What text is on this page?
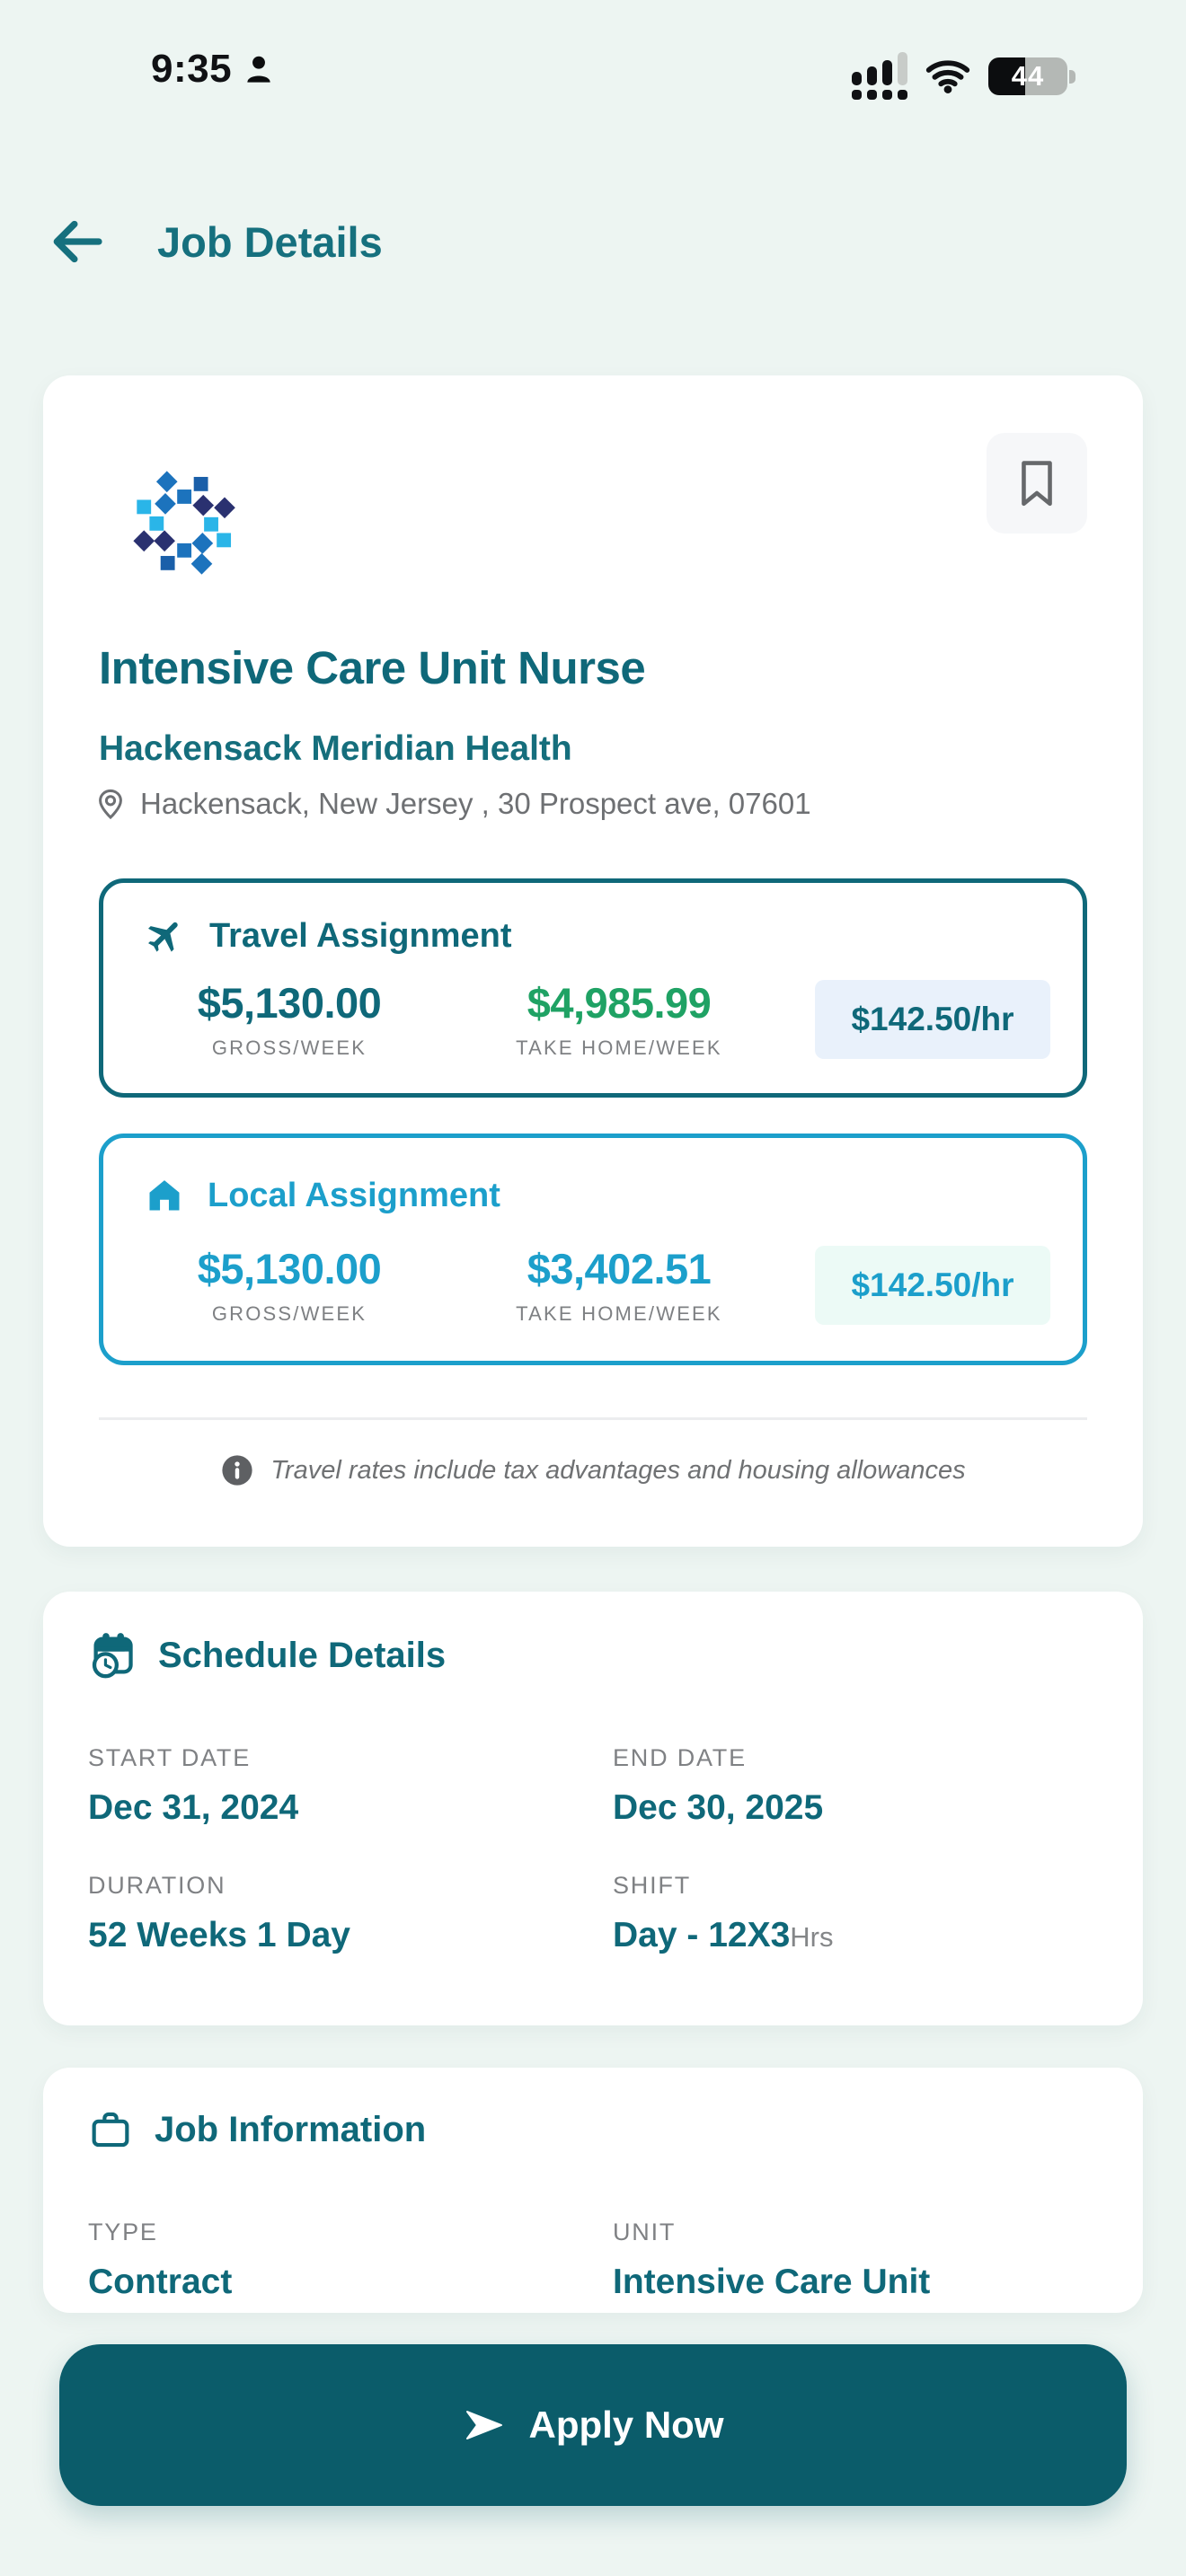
9:35	44
Job Details
Intensive Care Unit Nurse
Hackensack Meridian Health
Hackensack, New Jersey , 30 Prospect ave, 07601
Travel Assignment
$5,130.00
GROSS/WEEK
$4,985.99
TAKE HOME/WEEK
$142.50/hr
Local Assignment
$5,130.00
GROSS/WEEK
$3,402.51
TAKE HOME/WEEK
$142.50/hr
Travel rates include tax advantages and housing allowances
Schedule Details
START DATE
Dec 31, 2024
END DATE
Dec 30, 2025
DURATION
52 Weeks 1 Day
SHIFT
Day - 12X3Hrs
Job Information
TYPE
Contract
UNIT
Intensive Care Unit
Apply Now
